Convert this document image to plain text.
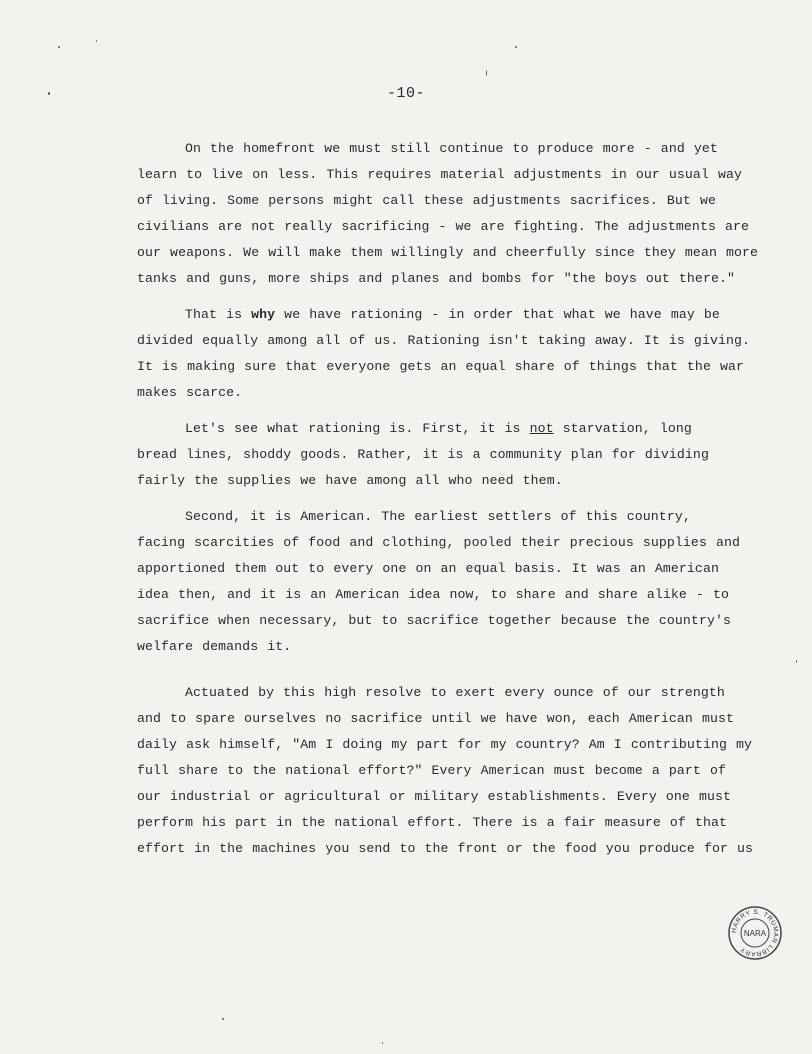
-10-

On the homefront we must still continue to produce more - and yet
learn to live on less. This requires material adjustments in our usual way
of living. Some persons might call these adjustments sacrifices. But we
civilians are not really sacrificing - we are fighting. The adjustments are
our weapons. We will make them willingly and cheerfully since they mean more
tanks and guns, more ships and planes and bombs for "the boys out there."

That is why we have rationing - in order that what we have may be
divided equally among all of us. Rationing isn't taking away. It is giving.
It is making sure that everyone gets an equal share of things that the war
makes scarce.

Let's see what rationing is. First, it is not starvation, long
bread lines, shoddy goods. Rather, it is a community plan for dividing
fairly the supplies we have among all who need them.

Second, it is American. The earliest settlers of this country,
facing scarcities of food and clothing, pooled their precious supplies and
apportioned them out to every one on an equal basis. It was an American
idea then, and it is an American idea now, to share and share alike - to
sacrifice when necessary, but to sacrifice together because the country's
welfare demands it.

Actuated by this high resolve to exert every ounce of our strength
and to spare ourselves no sacrifice until we have won, each American must
daily ask himself, "Am I doing my part for my country? Am I contributing my
full share to the national effort?" Every American must become a part of
our industrial or agricultural or military establishments. Every one must
perform his part in the national effort. There is a fair measure of that
effort in the machines you send to the front or the food you produce for us

HARRY S. TRUMAN LIBRARY
NARA
